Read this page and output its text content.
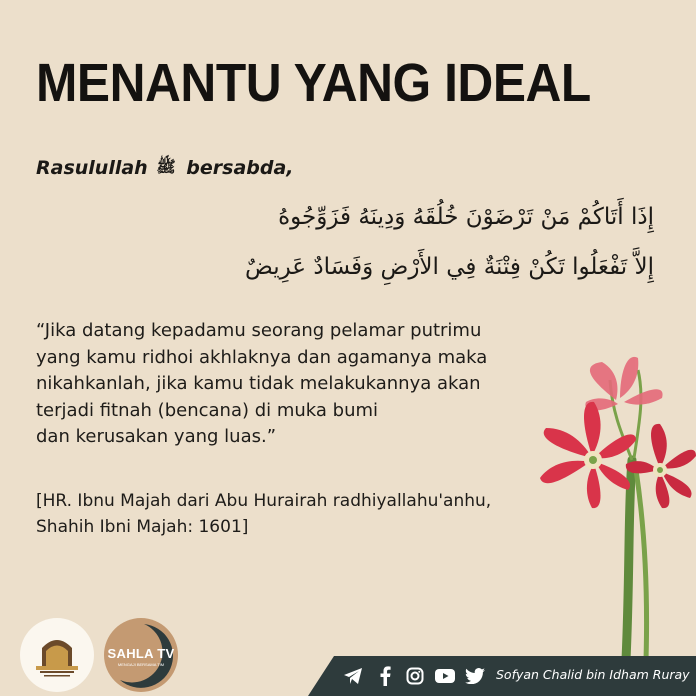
MENANTU YANG IDEAL
Rasulullah ﷺ bersabda,
إِذَا أَتَاكُمْ مَنْ تَرْضَوْنَ خُلُقَهُ وَدِينَهُ فَزَوِّجُوهُ
إِلاَّ تَفْعَلُوا تَكُنْ فِتْنَةٌ فِي الأَرْضِ وَفَسَادٌ عَرِيضٌ
“Jika datang kepadamu seorang pelamar putrimu
yang kamu ridhoi akhlaknya dan agamanya maka
nikahkanlah, jika kamu tidak melakukannya akan
terjadi fitnah (bencana) di muka bumi
dan kerusakan yang luas.”
[HR. Ibnu Majah dari Abu Hurairah radhiyallahu'anhu,
Shahih Ibni Majah: 1601]
SAHLA TV
MENGAJI BERSAMA TIM
Sofyan Chalid bin Idham Ruray
